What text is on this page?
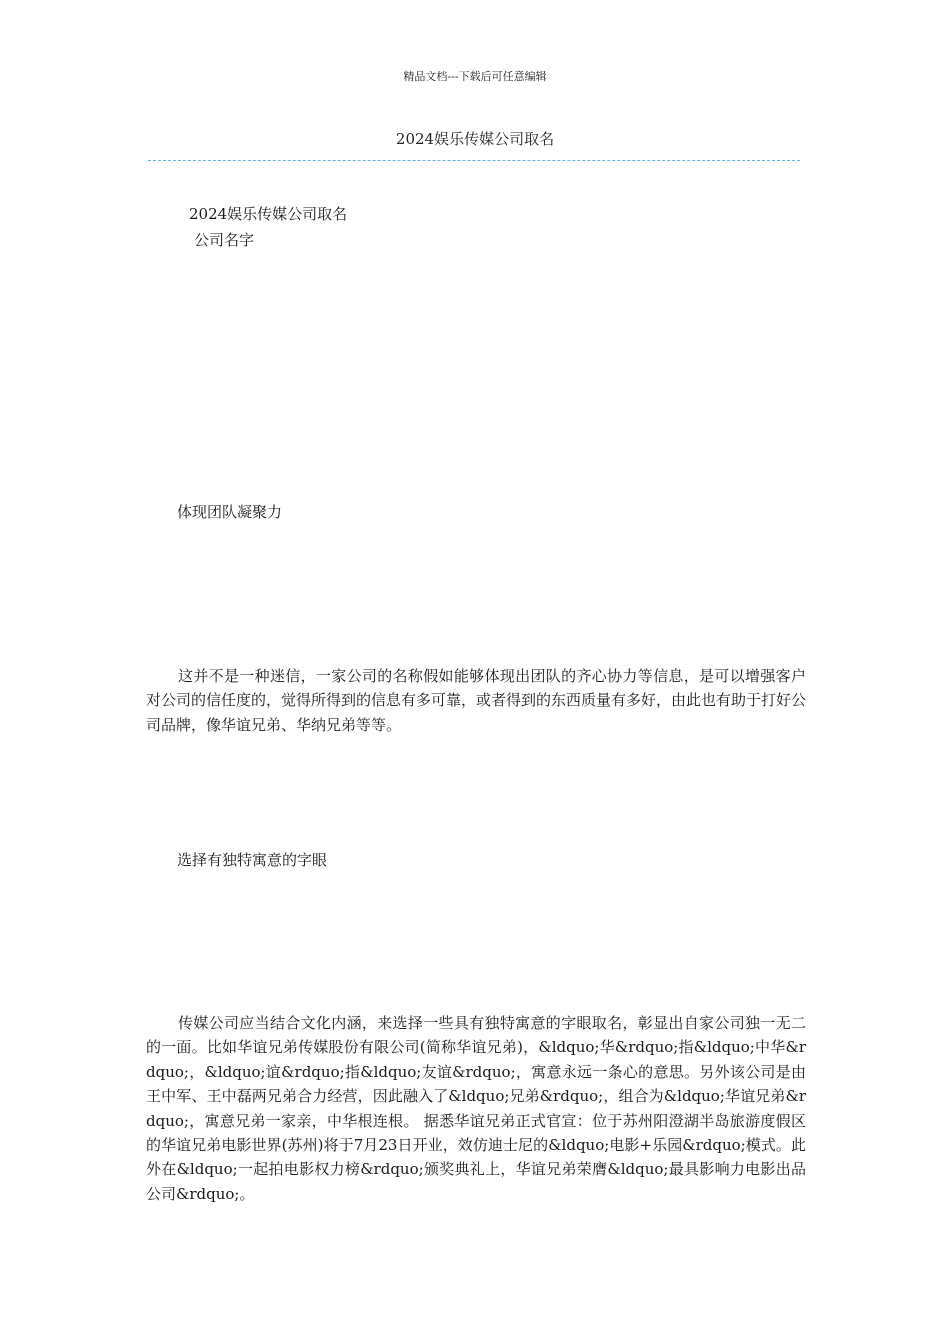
精品文档---下载后可任意编辑
2024娱乐传媒公司取名
2024娱乐传媒公司取名
公司名字
体现团队凝聚力

这并不是一种迷信，一家公司的名称假如能够体现出团队的齐心协力等信息，是可以增强客户对公司的信任度的，觉得所得到的信息有多可靠，或者得到的东西质量有多好，由此也有助于打好公司品牌，像华谊兄弟、华纳兄弟等等。

选择有独特寓意的字眼

传媒公司应当结合文化内涵，来选择一些具有独特寓意的字眼取名，彰显出自家公司独一无二的一面。比如华谊兄弟传媒股份有限公司(简称华谊兄弟)，&ldquo;华&rdquo;指&ldquo;中华&rdquo;，&ldquo;谊&rdquo;指&ldquo;友谊&rdquo;，寓意永远一条心的意思。另外该公司是由王中军、王中磊两兄弟合力经营，因此融入了&ldquo;兄弟&rdquo;，组合为&ldquo;华谊兄弟&rdquo;，寓意兄弟一家亲，中华根连根。 据悉华谊兄弟正式官宣：位于苏州阳澄湖半岛旅游度假区的华谊兄弟电影世界(苏州)将于7月23日开业，效仿迪士尼的&ldquo;电影+乐园&rdquo;模式。此外在&ldquo;一起拍电影权力榜&rdquo;颁奖典礼上，华谊兄弟荣膺&ldquo;最具影响力电影出品公司&rdquo;。
